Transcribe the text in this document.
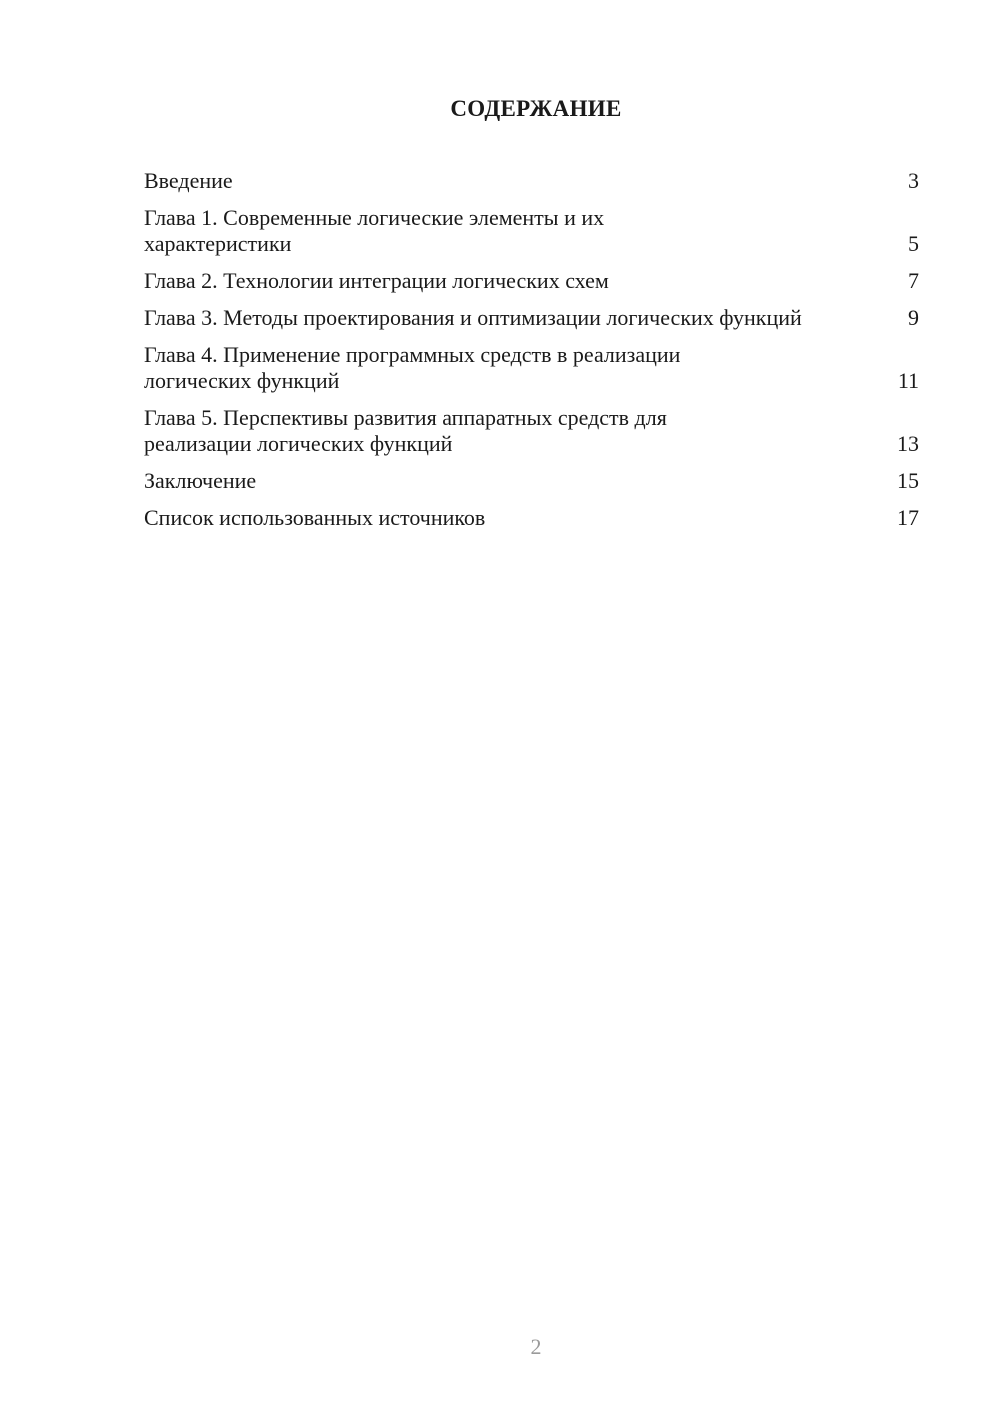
СОДЕРЖАНИЕ
Введение	3
Глава 1. Современные логические элементы и их характеристики	5
Глава 2. Технологии интеграции логических схем	7
Глава 3. Методы проектирования и оптимизации логических функций	9
Глава 4. Применение программных средств в реализации логических функций	11
Глава 5. Перспективы развития аппаратных средств для реализации логических функций	13
Заключение	15
Список использованных источников	17
2
